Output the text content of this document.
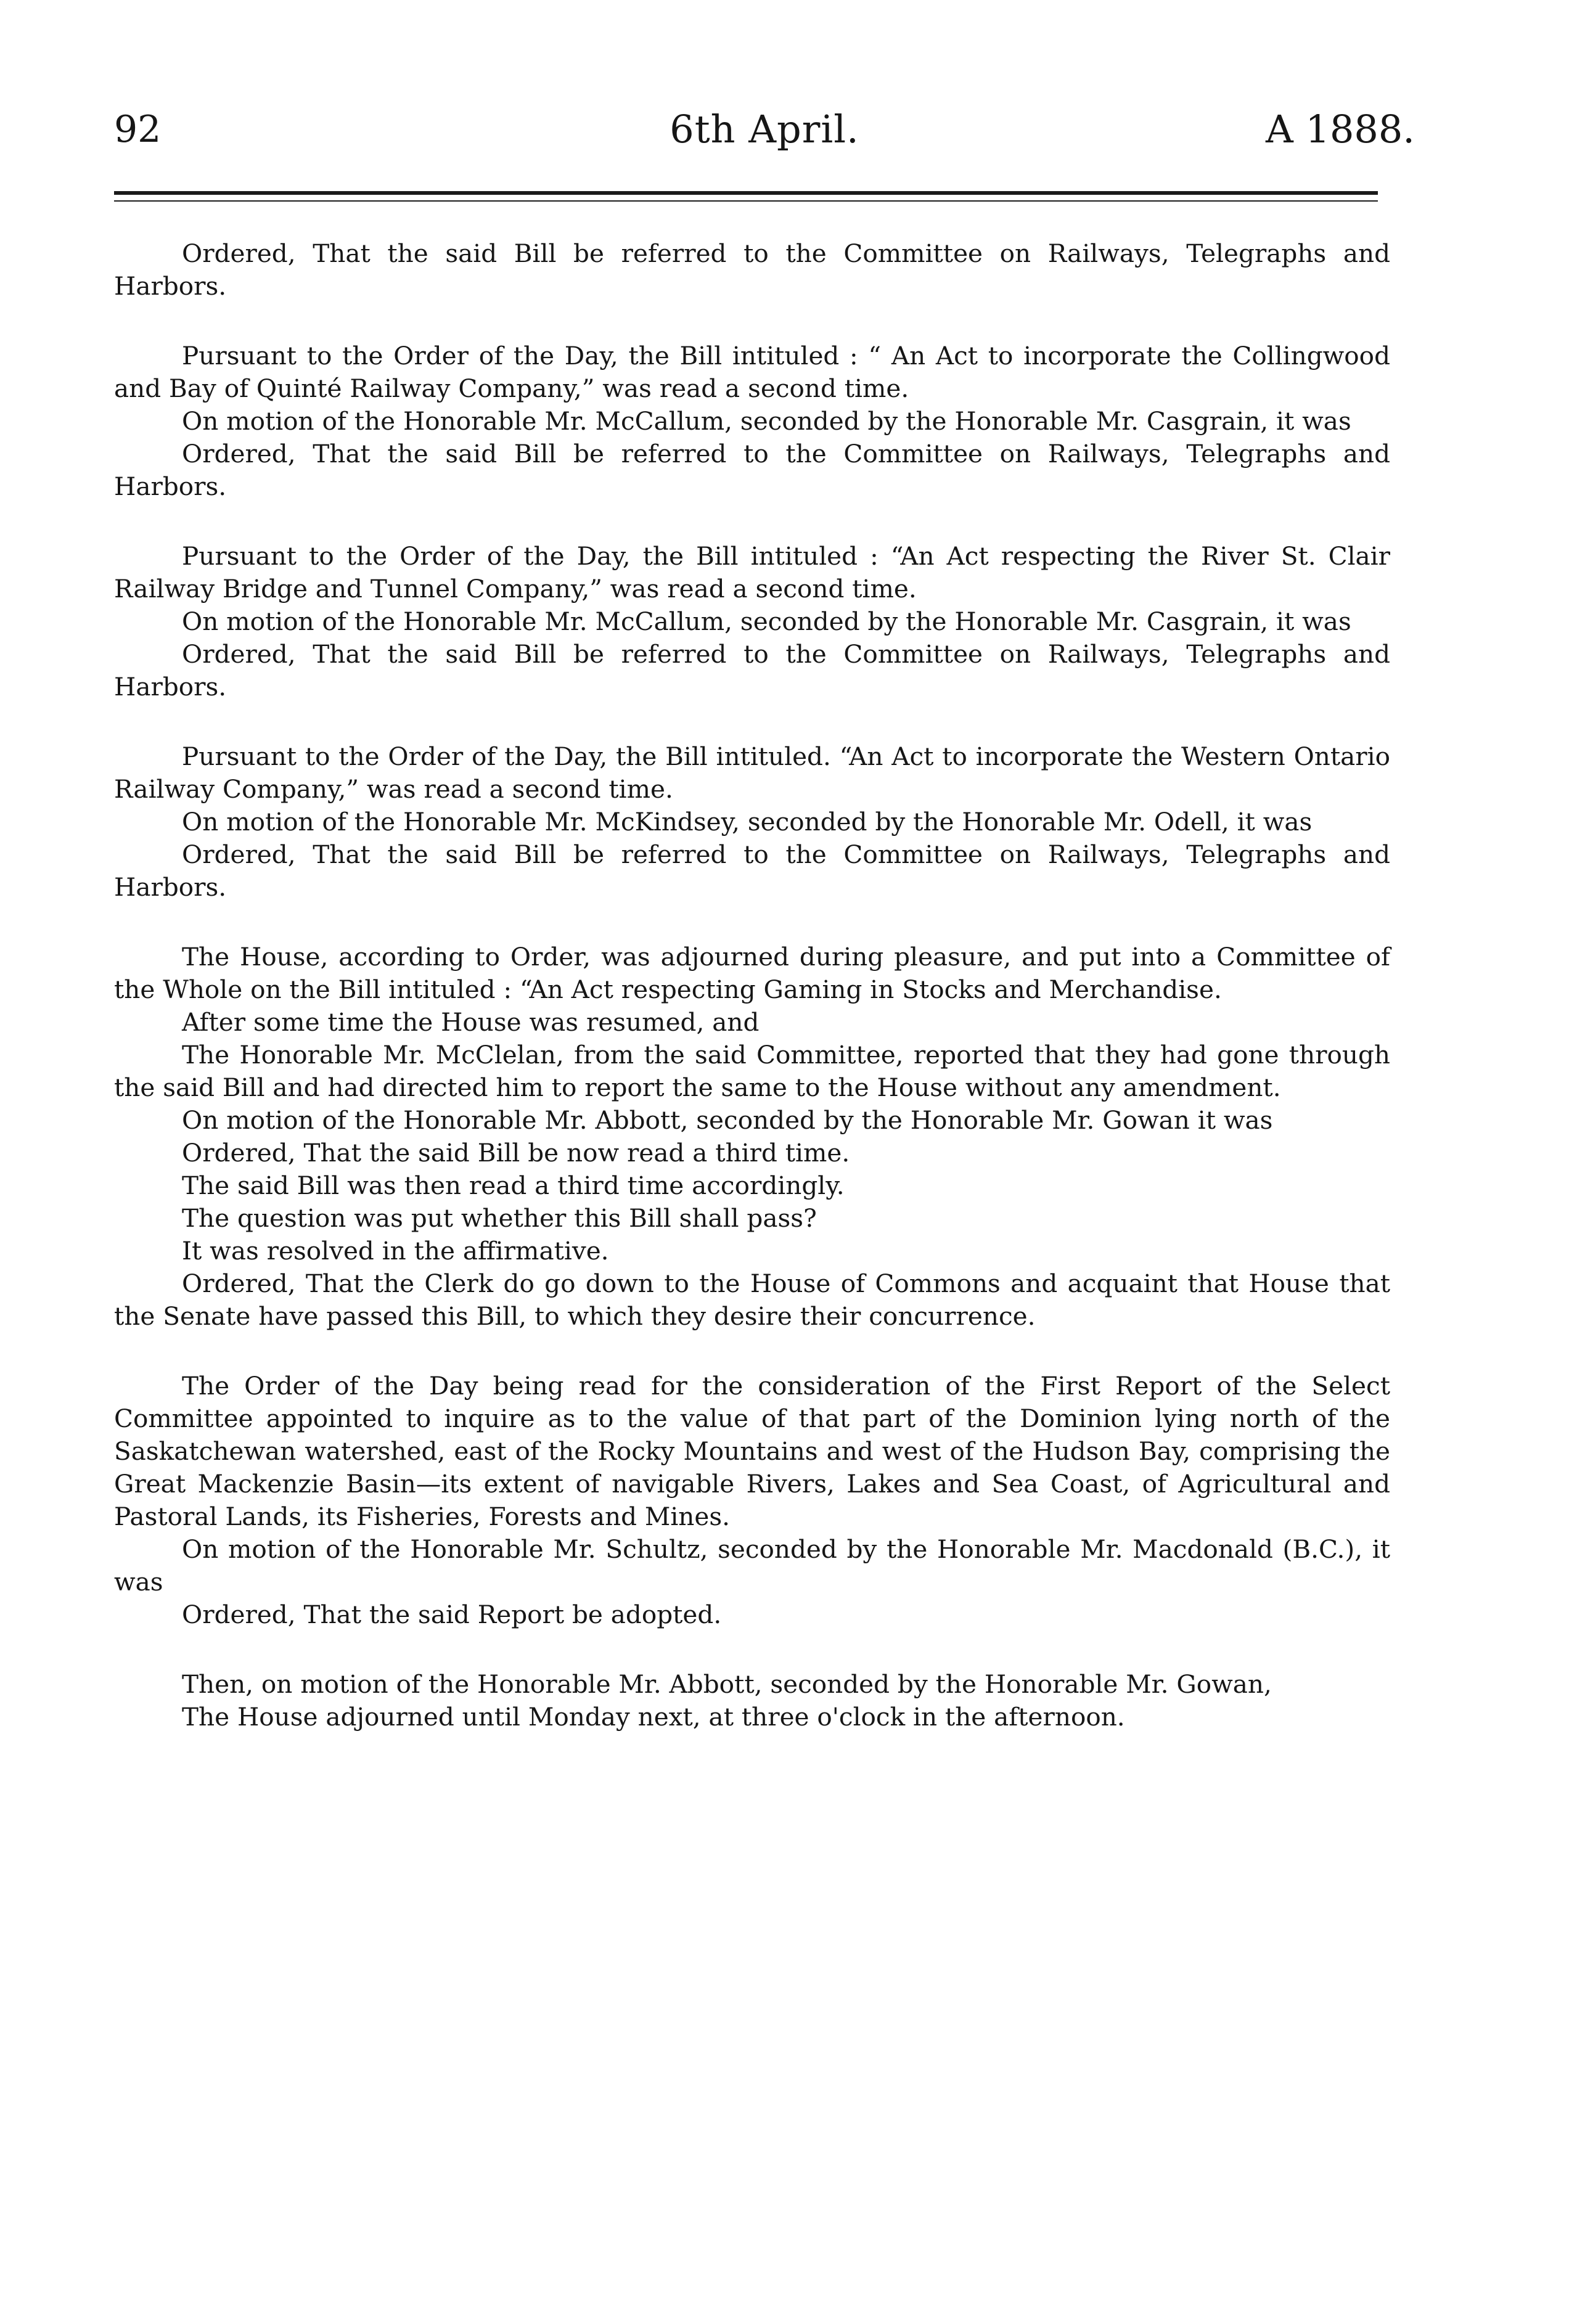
92	6th April.	A 1888.

Ordered, That the said Bill be referred to the Committee on Railways, Telegraphs and Harbors.

Pursuant to the Order of the Day, the Bill intituled : “ An Act to incorporate the Collingwood and Bay of Quinté Railway Company,” was read a second time.

On motion of the Honorable Mr. McCallum, seconded by the Honorable Mr. Casgrain, it was

Ordered, That the said Bill be referred to the Committee on Railways, Telegraphs and Harbors.

Pursuant to the Order of the Day, the Bill intituled : “An Act respecting the River St. Clair Railway Bridge and Tunnel Company,” was read a second time.

On motion of the Honorable Mr. McCallum, seconded by the Honorable Mr. Casgrain, it was

Ordered, That the said Bill be referred to the Committee on Railways, Telegraphs and Harbors.

Pursuant to the Order of the Day, the Bill intituled. “An Act to incorporate the Western Ontario Railway Company,” was read a second time.

On motion of the Honorable Mr. McKindsey, seconded by the Honorable Mr. Odell, it was

Ordered, That the said Bill be referred to the Committee on Railways, Telegraphs and Harbors.

The House, according to Order, was adjourned during pleasure, and put into a Committee of the Whole on the Bill intituled : “An Act respecting Gaming in Stocks and Merchandise.

After some time the House was resumed, and

The Honorable Mr. McClelan, from the said Committee, reported that they had gone through the said Bill and had directed him to report the same to the House without any amendment.

On motion of the Honorable Mr. Abbott, seconded by the Honorable Mr. Gowan it was

Ordered, That the said Bill be now read a third time.

The said Bill was then read a third time accordingly.

The question was put whether this Bill shall pass?

It was resolved in the affirmative.

Ordered, That the Clerk do go down to the House of Commons and acquaint that House that the Senate have passed this Bill, to which they desire their concurrence.

The Order of the Day being read for the consideration of the First Report of the Select Committee appointed to inquire as to the value of that part of the Dominion lying north of the Saskatchewan watershed, east of the Rocky Mountains and west of the Hudson Bay, comprising the Great Mackenzie Basin—its extent of navigable Rivers, Lakes and Sea Coast, of Agricultural and Pastoral Lands, its Fisheries, Forests and Mines.

On motion of the Honorable Mr. Schultz, seconded by the Honorable Mr. Macdonald (B.C.), it was

Ordered, That the said Report be adopted.

Then, on motion of the Honorable Mr. Abbott, seconded by the Honorable Mr. Gowan,

The House adjourned until Monday next, at three o'clock in the afternoon.
